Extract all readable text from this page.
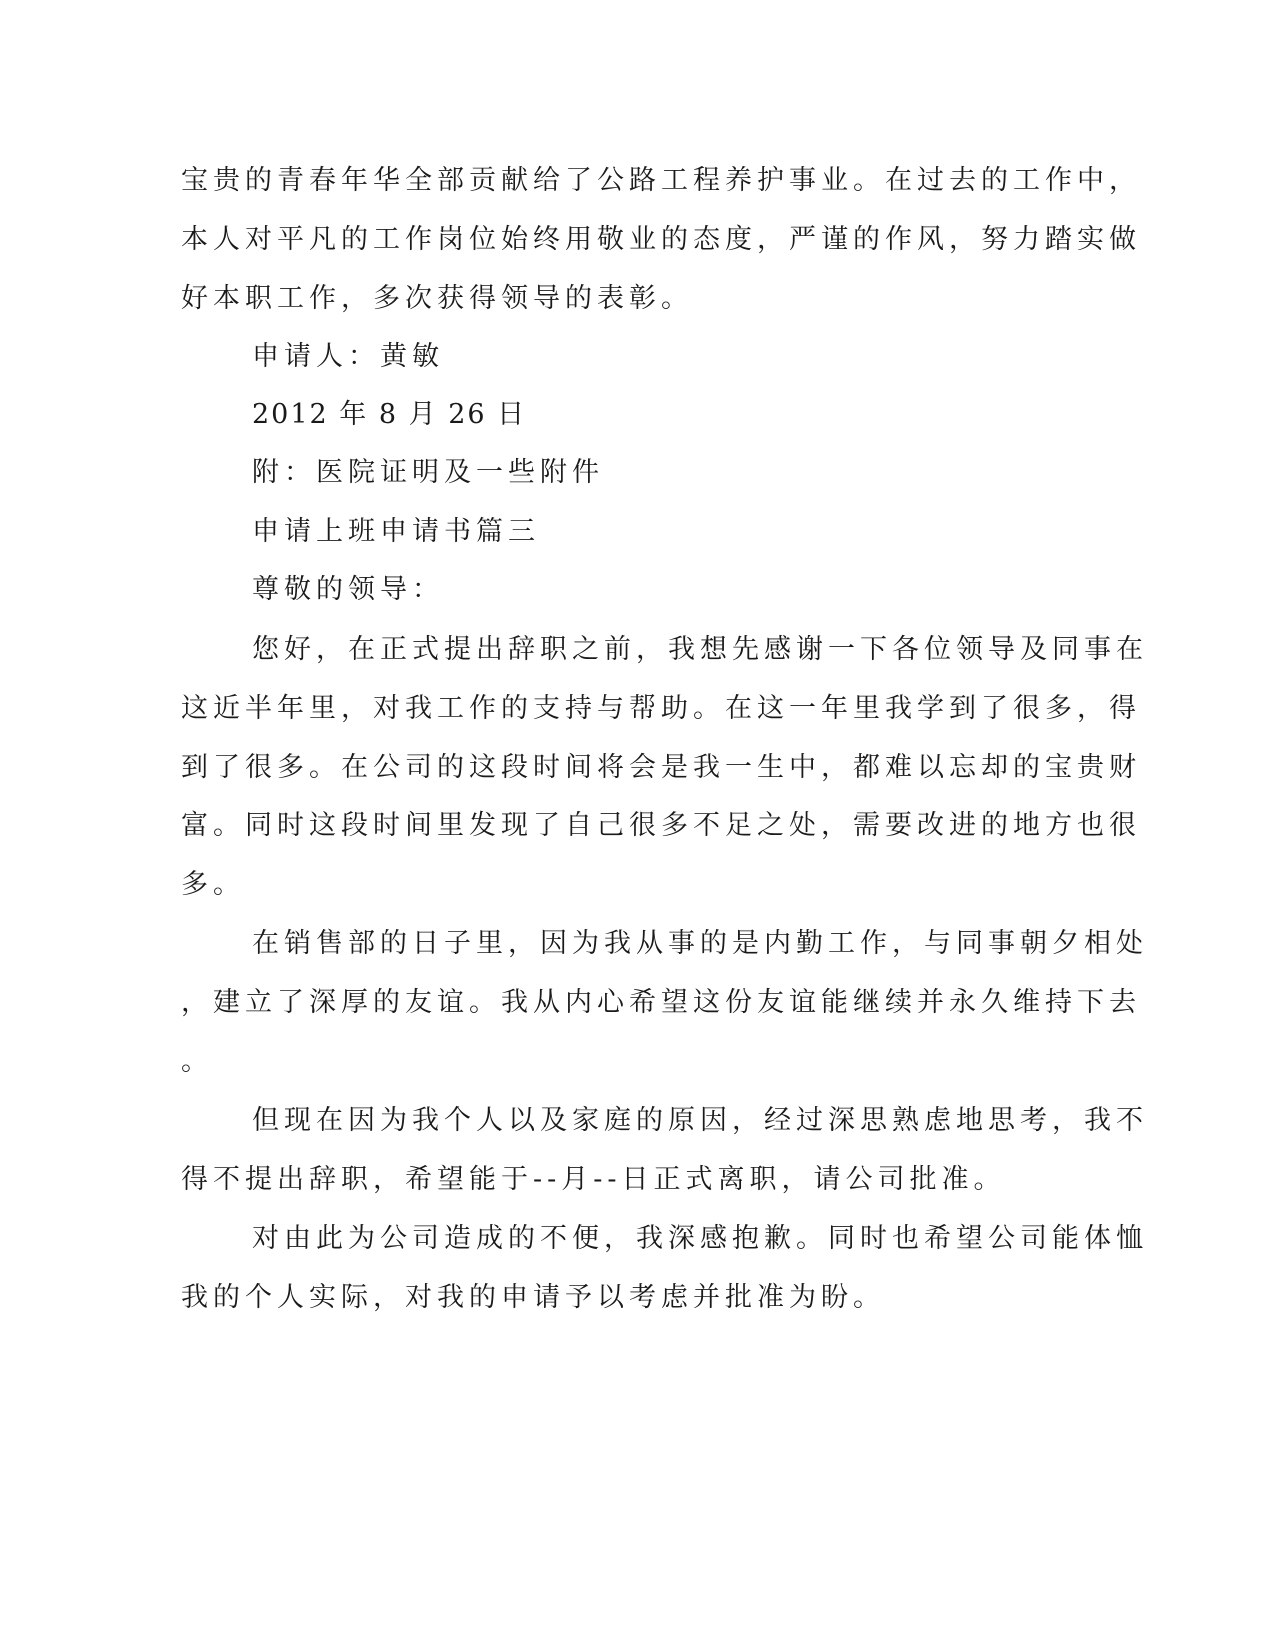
宝贵的青春年华全部贡献给了公路工程养护事业。在过去的工作中，
本人对平凡的工作岗位始终用敬业的态度，严谨的作风，努力踏实做
好本职工作，多次获得领导的表彰。
申请人：黄敏
2012 年 8 月 26 日
附：医院证明及一些附件
申请上班申请书篇三
尊敬的领导：
您好，在正式提出辞职之前，我想先感谢一下各位领导及同事在
这近半年里，对我工作的支持与帮助。在这一年里我学到了很多，得
到了很多。在公司的这段时间将会是我一生中，都难以忘却的宝贵财
富。同时这段时间里发现了自己很多不足之处，需要改进的地方也很
多。
在销售部的日子里，因为我从事的是内勤工作，与同事朝夕相处
，建立了深厚的友谊。我从内心希望这份友谊能继续并永久维持下去
。
但现在因为我个人以及家庭的原因，经过深思熟虑地思考，我不
得不提出辞职，希望能于--月--日正式离职，请公司批准。
对由此为公司造成的不便，我深感抱歉。同时也希望公司能体恤
我的个人实际，对我的申请予以考虑并批准为盼。
